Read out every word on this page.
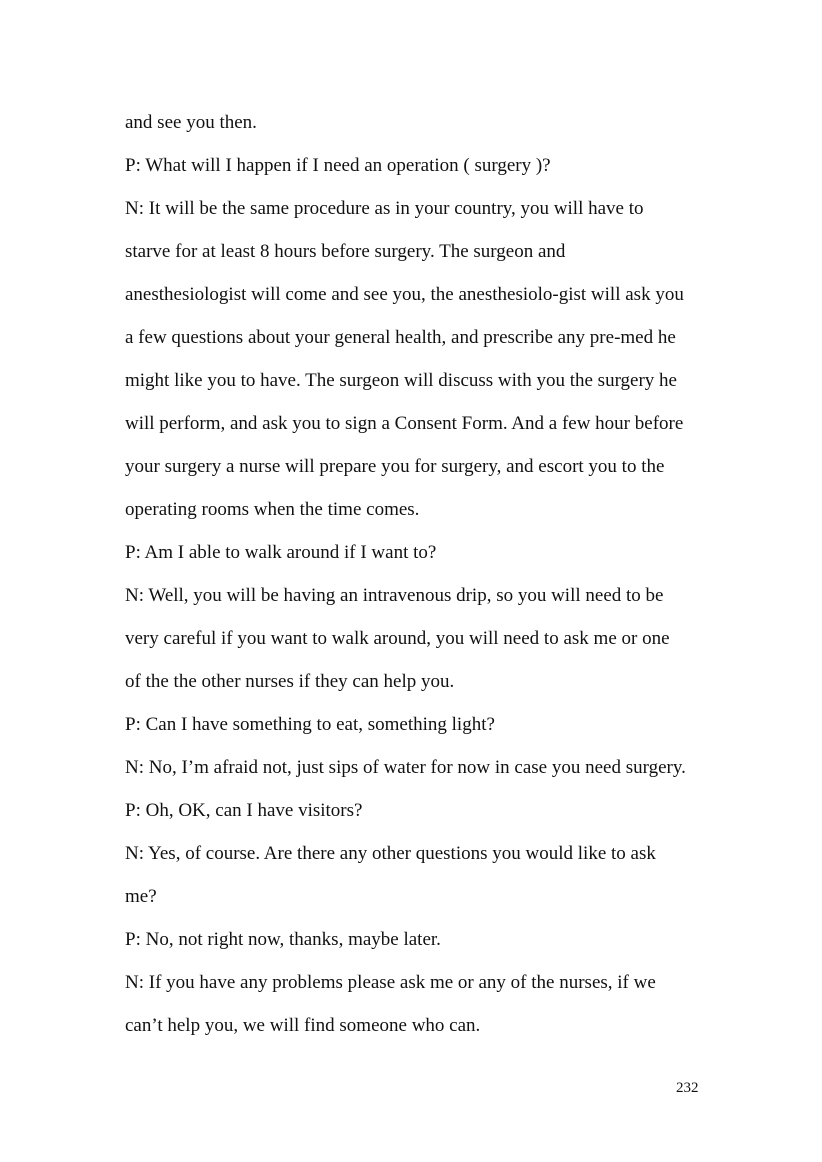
and see you then.
P: What will I happen if I need an operation ( surgery )?
N: It will be the same procedure as in your country, you will have to
starve for at least 8 hours before surgery. The surgeon and
anesthesiologist will come and see you, the anesthesiolo-gist will ask you
a few questions about your general health, and prescribe any pre-med he
might like you to have. The surgeon will discuss with you the surgery he
will perform, and ask you to sign a Consent Form. And a few hour before
your surgery a nurse will prepare you for surgery, and escort you to the
operating rooms when the time comes.
P: Am I able to walk around if I want to?
N: Well, you will be having an intravenous drip, so you will need to be
very careful if you want to walk around, you will need to ask me or one
of the the other nurses if they can help you.
P: Can I have something to eat, something light?
N: No, I’m afraid not, just sips of water for now in case you need surgery.
P: Oh, OK, can I have visitors?
N: Yes, of course. Are there any other questions you would like to ask
me?
P: No, not right now, thanks, maybe later.
N: If you have any problems please ask me or any of the nurses, if we
can’t help you, we will find someone who can.
232
